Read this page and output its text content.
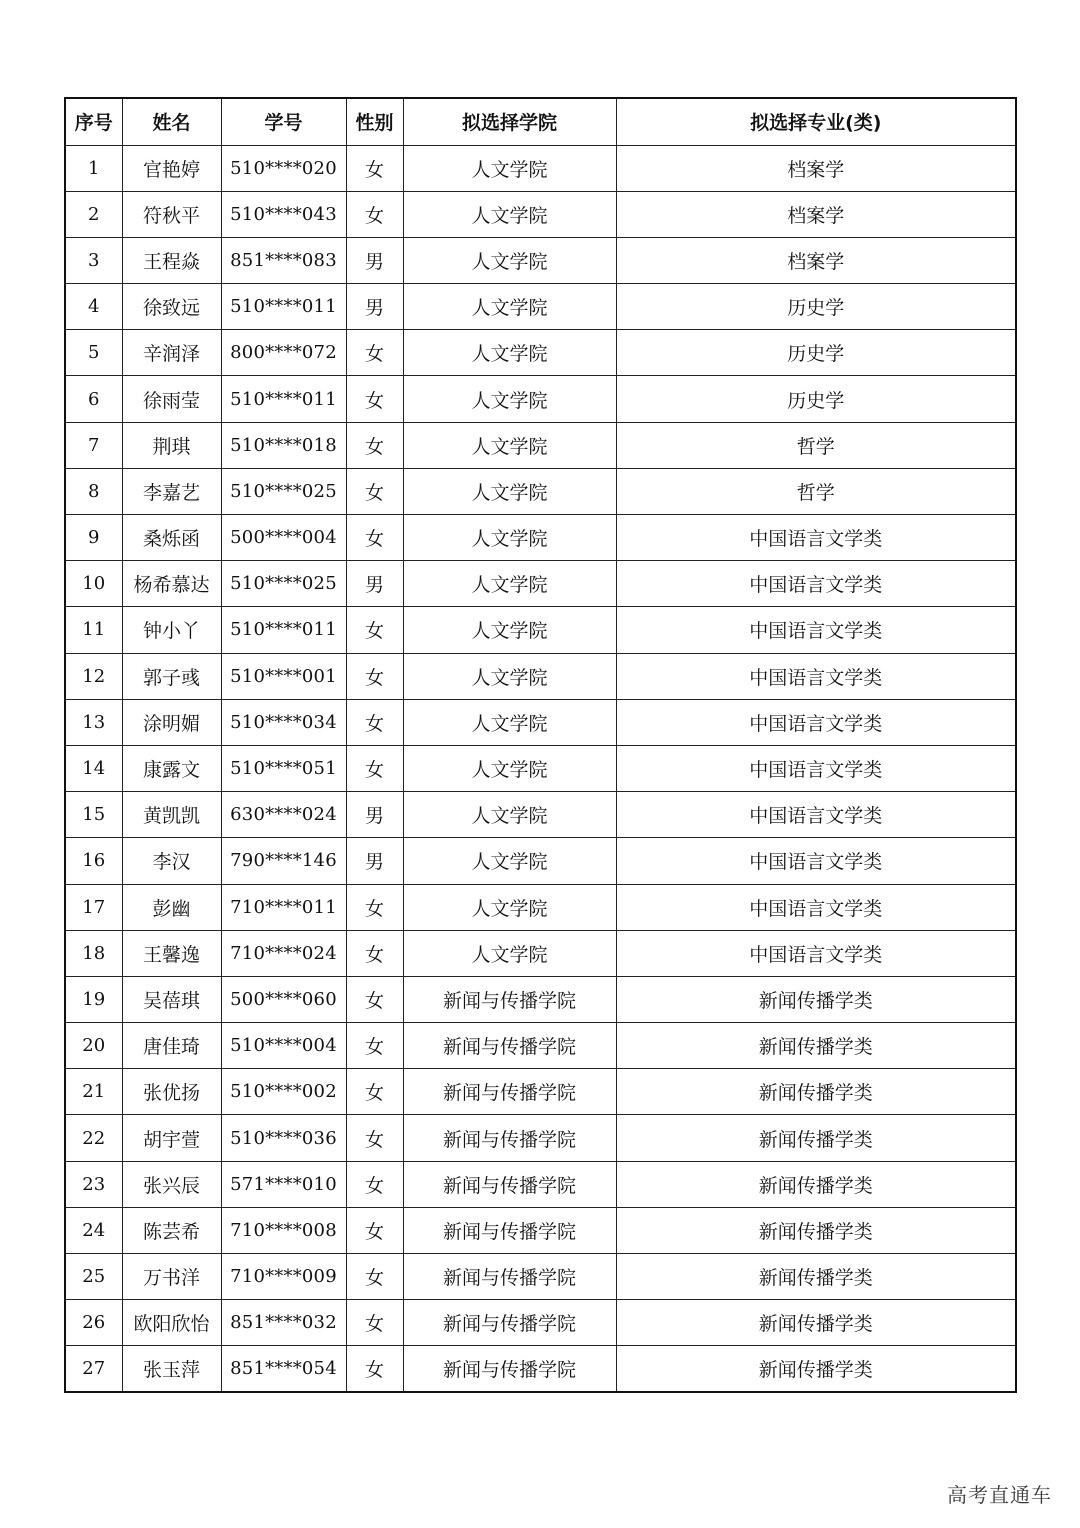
序号	姓名	学号	性别	拟选择学院	拟选择专业(类)
1	官艳婷	510****020	女	人文学院	档案学
2	符秋平	510****043	女	人文学院	档案学
3	王程焱	851****083	男	人文学院	档案学
4	徐致远	510****011	男	人文学院	历史学
5	辛润泽	800****072	女	人文学院	历史学
6	徐雨莹	510****011	女	人文学院	历史学
7	荆琪	510****018	女	人文学院	哲学
8	李嘉艺	510****025	女	人文学院	哲学
9	桑烁函	500****004	女	人文学院	中国语言文学类
10	杨希慕达	510****025	男	人文学院	中国语言文学类
11	钟小丫	510****011	女	人文学院	中国语言文学类
12	郭子彧	510****001	女	人文学院	中国语言文学类
13	涂明媚	510****034	女	人文学院	中国语言文学类
14	康露文	510****051	女	人文学院	中国语言文学类
15	黄凯凯	630****024	男	人文学院	中国语言文学类
16	李汉	790****146	男	人文学院	中国语言文学类
17	彭幽	710****011	女	人文学院	中国语言文学类
18	王馨逸	710****024	女	人文学院	中国语言文学类
19	吴蓓琪	500****060	女	新闻与传播学院	新闻传播学类
20	唐佳琦	510****004	女	新闻与传播学院	新闻传播学类
21	张优扬	510****002	女	新闻与传播学院	新闻传播学类
22	胡宇萱	510****036	女	新闻与传播学院	新闻传播学类
23	张兴辰	571****010	女	新闻与传播学院	新闻传播学类
24	陈芸希	710****008	女	新闻与传播学院	新闻传播学类
25	万书洋	710****009	女	新闻与传播学院	新闻传播学类
26	欧阳欣怡	851****032	女	新闻与传播学院	新闻传播学类
27	张玉萍	851****054	女	新闻与传播学院	新闻传播学类
高考直通车
